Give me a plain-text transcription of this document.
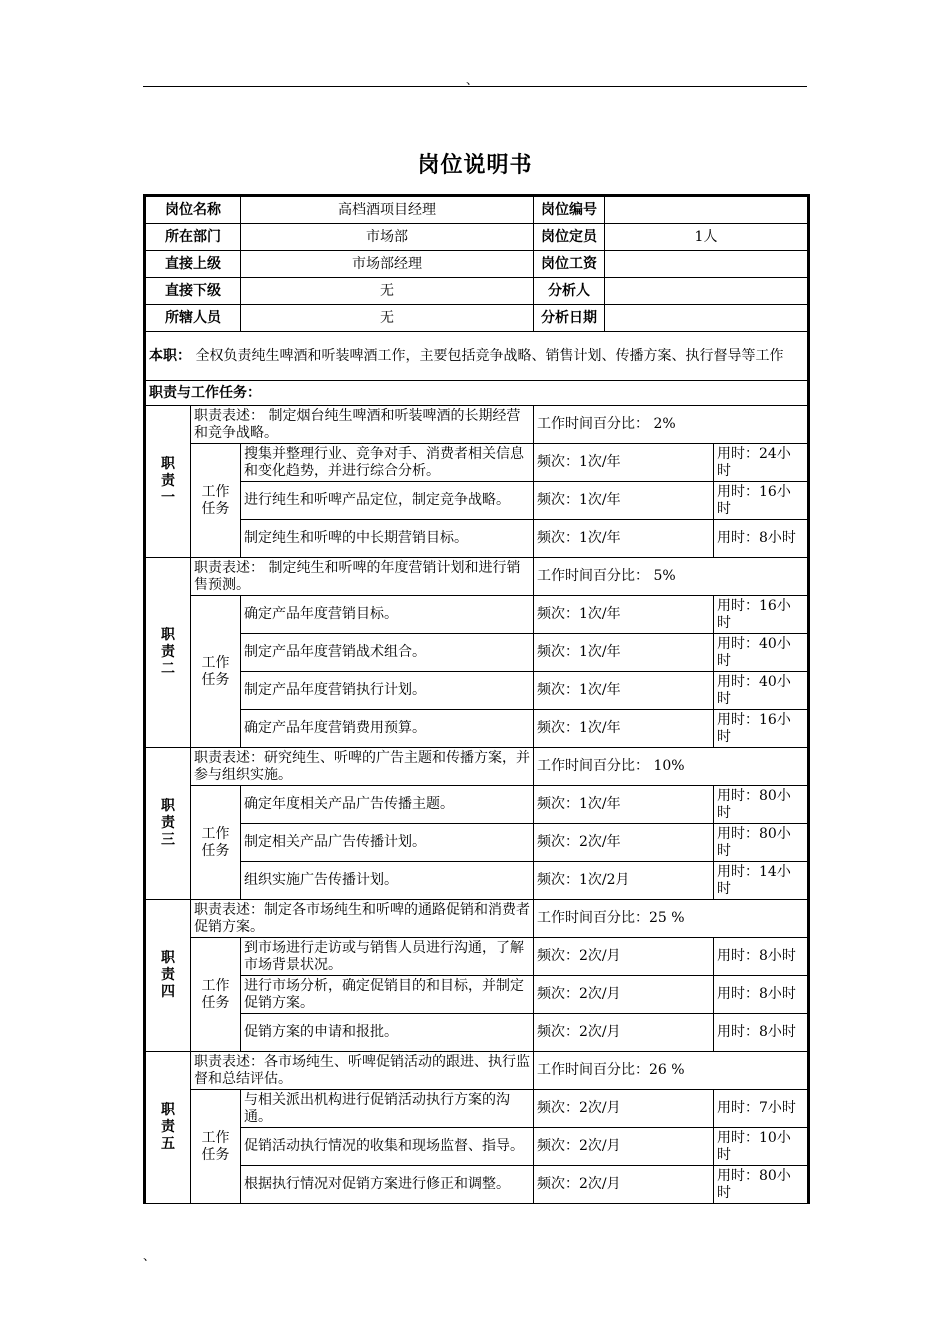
、
岗位说明书
岗位名称		高档酒项目经理	岗位编号		
所在部门		市场部	岗位定员	1人	
直接上级		市场部经理	岗位工资		
直接下级		无	分析人		
所辖人员		无	分析日期		
本职： 全权负责纯生啤酒和听装啤酒工作，主要包括竞争战略、销售计划、传播方案、执行督导等工作					
职责与工作任务：					

职责一	职责表述： 制定烟台纯生啤酒和听装啤酒的长期经营和竞争战略。		工作时间百分比： 2%		

	工作任务	搜集并整理行业、竞争对手、消费者相关信息和变化趋势，并进行综合分析。	频次：1次/年		用时：24小时
		进行纯生和听啤产品定位，制定竞争战略。	频次：1次/年		用时：16小时
		制定纯生和听啤的中长期营销目标。	频次：1次/年		用时：8小时

职责二	职责表述： 制定纯生和听啤的年度营销计划和进行销售预测。		工作时间百分比： 5%		

	工作任务	确定产品年度营销目标。	频次：1次/年		用时：16小时
		制定产品年度营销战术组合。	频次：1次/年		用时：40小时
		制定产品年度营销执行计划。	频次：1次/年		用时：40小时
		确定产品年度营销费用预算。	频次：1次/年		用时：16小时

职责三	职责表述：研究纯生、听啤的广告主题和传播方案，并参与组织实施。		工作时间百分比： 10%		

	工作任务	确定年度相关产品广告传播主题。	频次：1次/年		用时：80小时
		制定相关产品广告传播计划。	频次：2次/年		用时：80小时
		组织实施广告传播计划。	频次：1次/2月		用时：14小时

职责四	职责表述：制定各市场纯生和听啤的通路促销和消费者促销方案。		工作时间百分比：25 %		

	工作任务	到市场进行走访或与销售人员进行沟通，了解市场背景状况。	频次：2次/月		用时：8小时
		进行市场分析，确定促销目的和目标，并制定促销方案。	频次：2次/月		用时：8小时
		促销方案的申请和报批。	频次：2次/月		用时：8小时

职责五	职责表述：各市场纯生、听啤促销活动的跟进、执行监督和总结评估。		工作时间百分比：26 %		

	工作任务	与相关派出机构进行促销活动执行方案的沟通。	频次：2次/月		用时：7小时
		促销活动执行情况的收集和现场监督、指导。	频次：2次/月		用时：10小时
		根据执行情况对促销方案进行修正和调整。	频次：2次/月		用时：80小时
、
